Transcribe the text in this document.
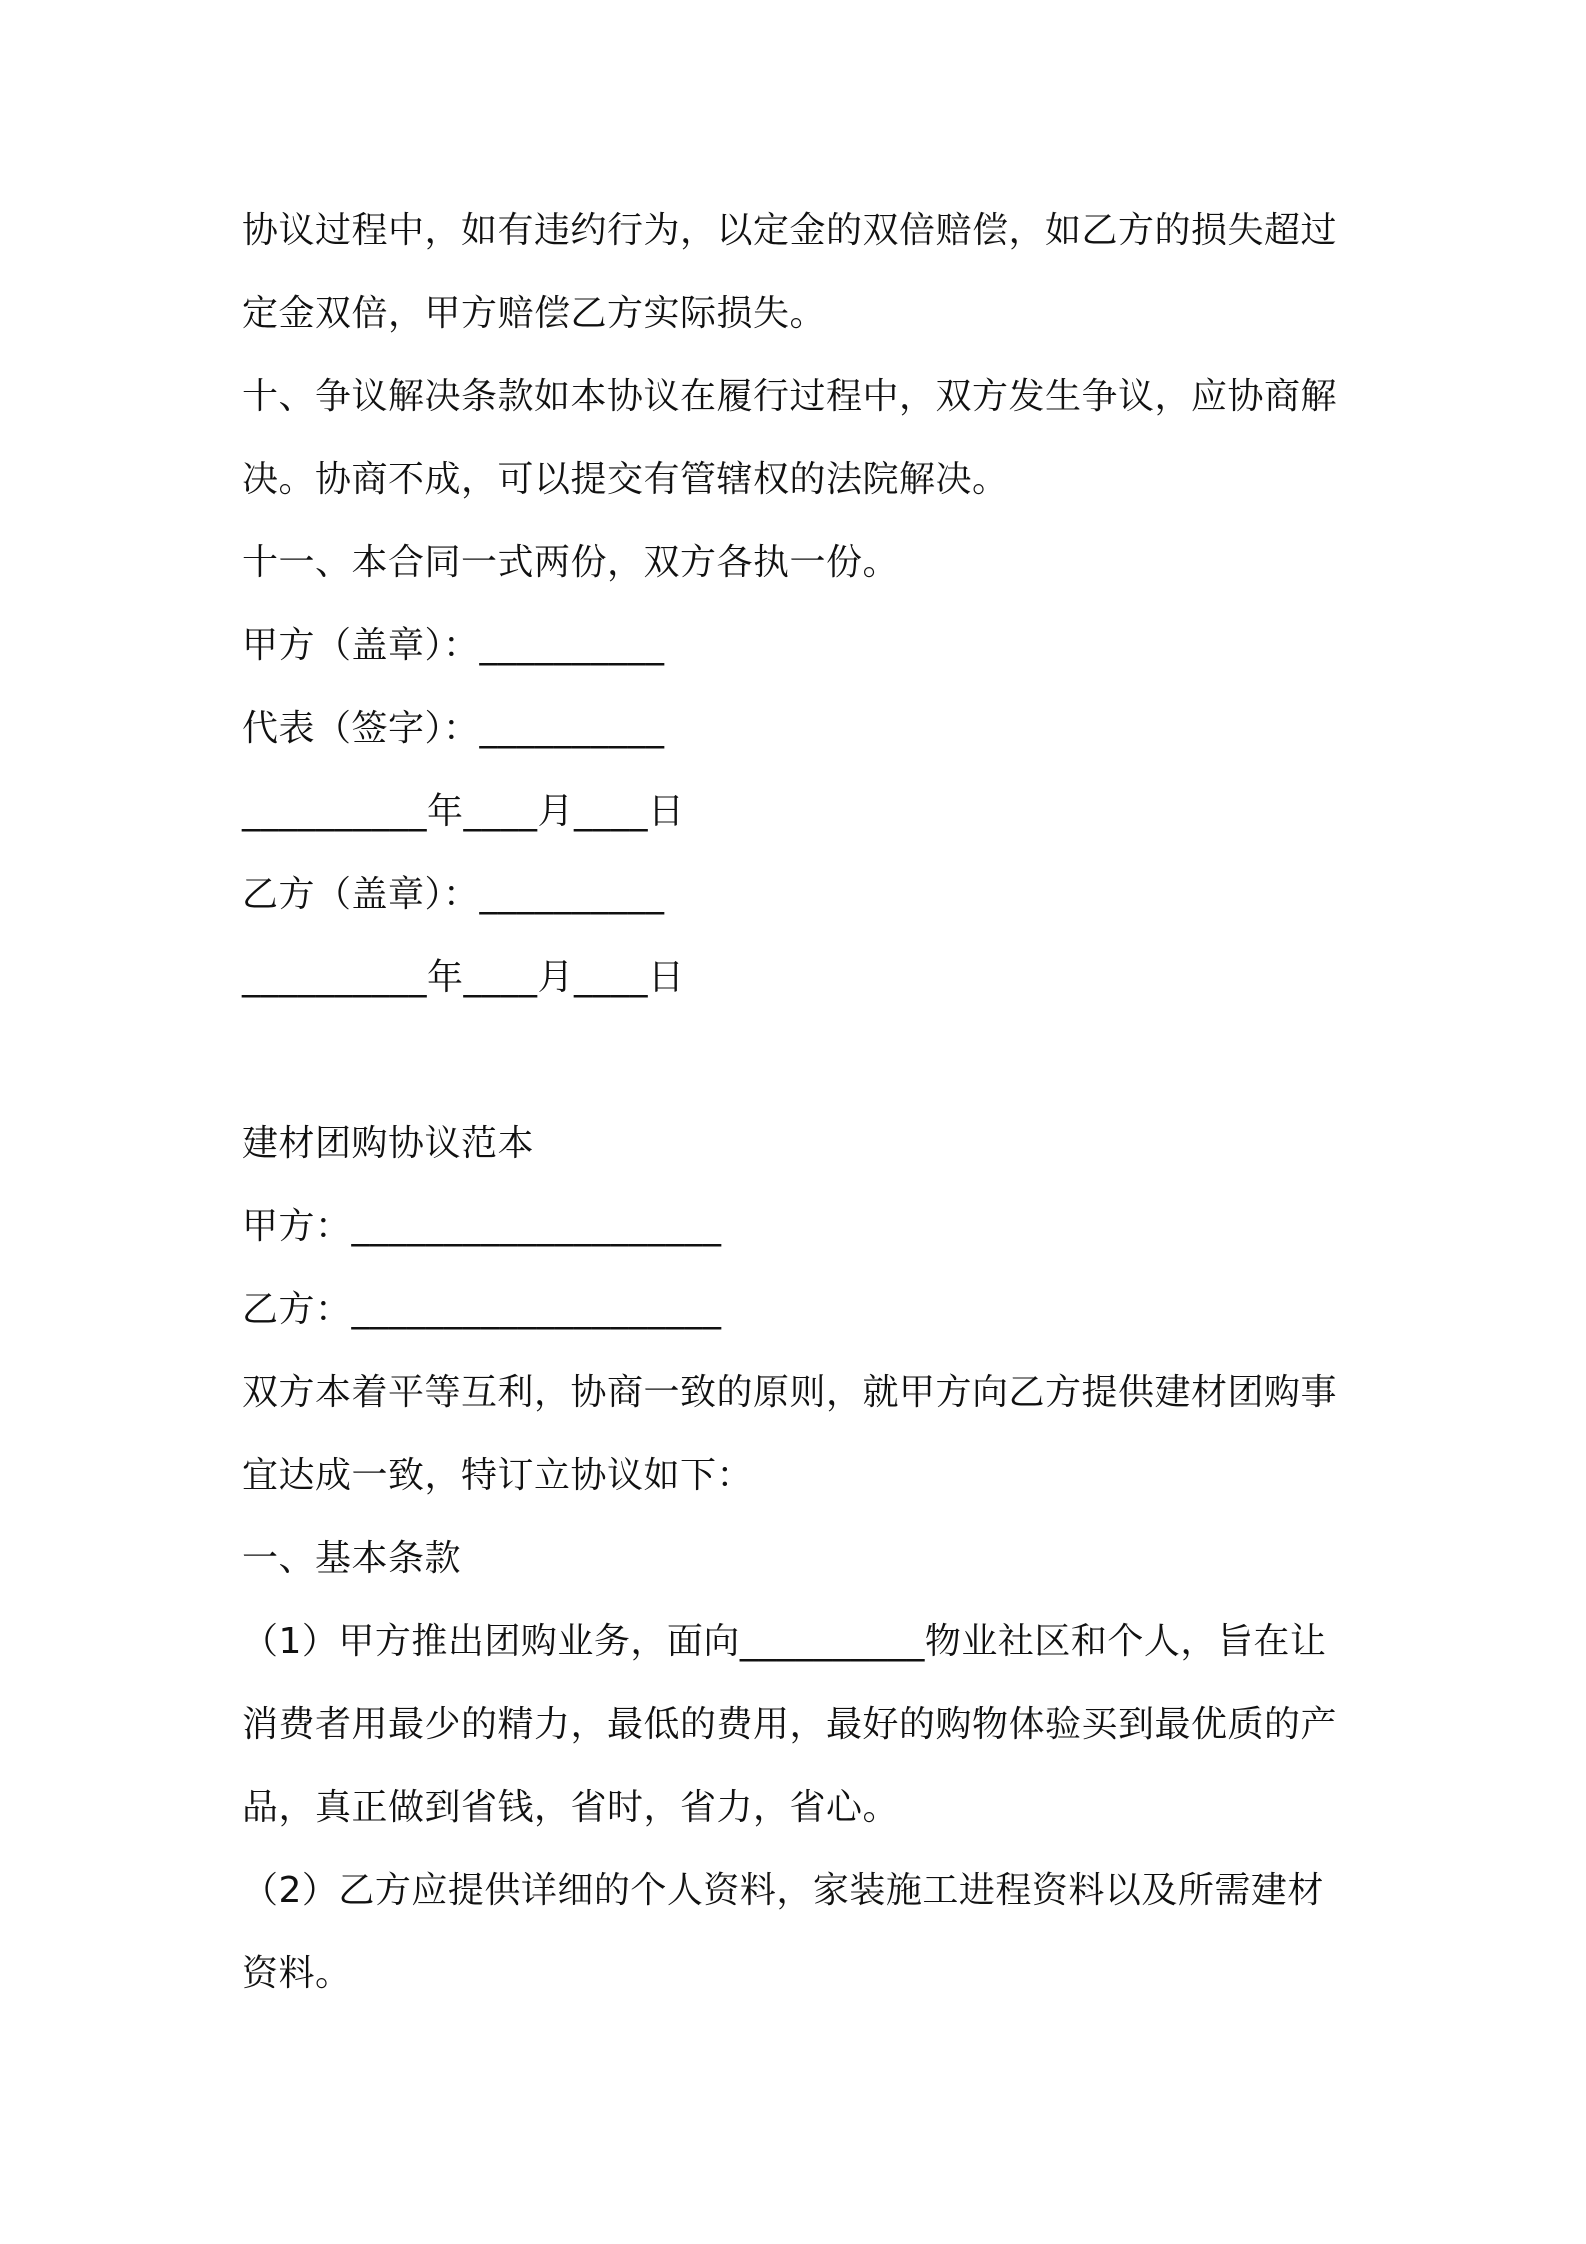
协议过程中，如有违约行为，以定金的双倍赔偿，如乙方的损失超过
定金双倍，甲方赔偿乙方实际损失。
十、争议解决条款如本协议在履行过程中，双方发生争议，应协商解
决。协商不成，可以提交有管辖权的法院解决。
十一、本合同一式两份，双方各执一份。
甲方（盖章）：__________
代表（签字）：__________
__________年____月____日
乙方（盖章）：__________
__________年____月____日
建材团购协议范本
甲方：____________________
乙方：____________________
双方本着平等互利，协商一致的原则，就甲方向乙方提供建材团购事
宜达成一致，特订立协议如下：
一、基本条款
（1）甲方推出团购业务，面向__________物业社区和个人，旨在让
消费者用最少的精力，最低的费用，最好的购物体验买到最优质的产
品，真正做到省钱，省时，省力，省心。
（2）乙方应提供详细的个人资料，家装施工进程资料以及所需建材
资料。
